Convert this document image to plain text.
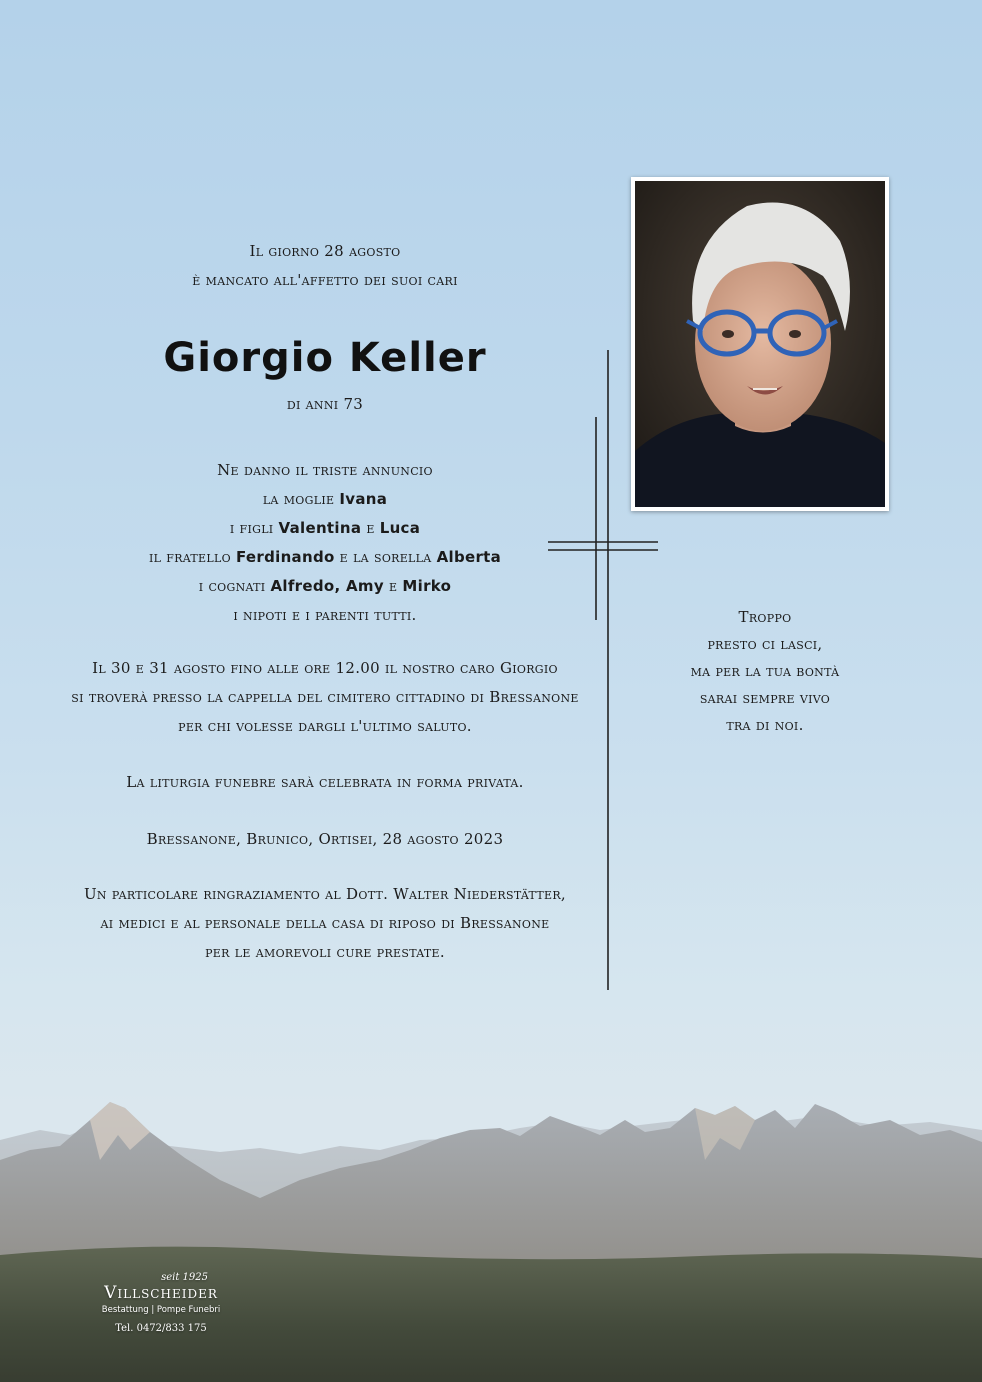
Il giorno 28 agosto
è mancato all'affetto dei suoi cari
Giorgio Keller
di anni 73
Ne danno il triste annuncio
la moglie Ivana
i figli Valentina e Luca
il fratello Ferdinando e la sorella Alberta
i cognati Alfredo, Amy e Mirko
i nipoti e i parenti tutti.
Il 30 e 31 agosto fino alle ore 12.00 il nostro caro Giorgio
si troverà presso la cappella del cimitero cittadino di Bressanone
per chi volesse dargli l'ultimo saluto.
La liturgia funebre sarà celebrata in forma privata.
Bressanone, Brunico, Ortisei, 28 agosto 2023
Un particolare ringraziamento al Dott. Walter Niederstätter,
ai medici e al personale della casa di riposo di Bressanone
per le amorevoli cure prestate.
Troppo
presto ci lasci,
ma per la tua bontà
sarai sempre vivo
tra di noi.
seit 1925
Villscheider
Bestattung | Pompe Funebri
Tel. 0472/833 175
